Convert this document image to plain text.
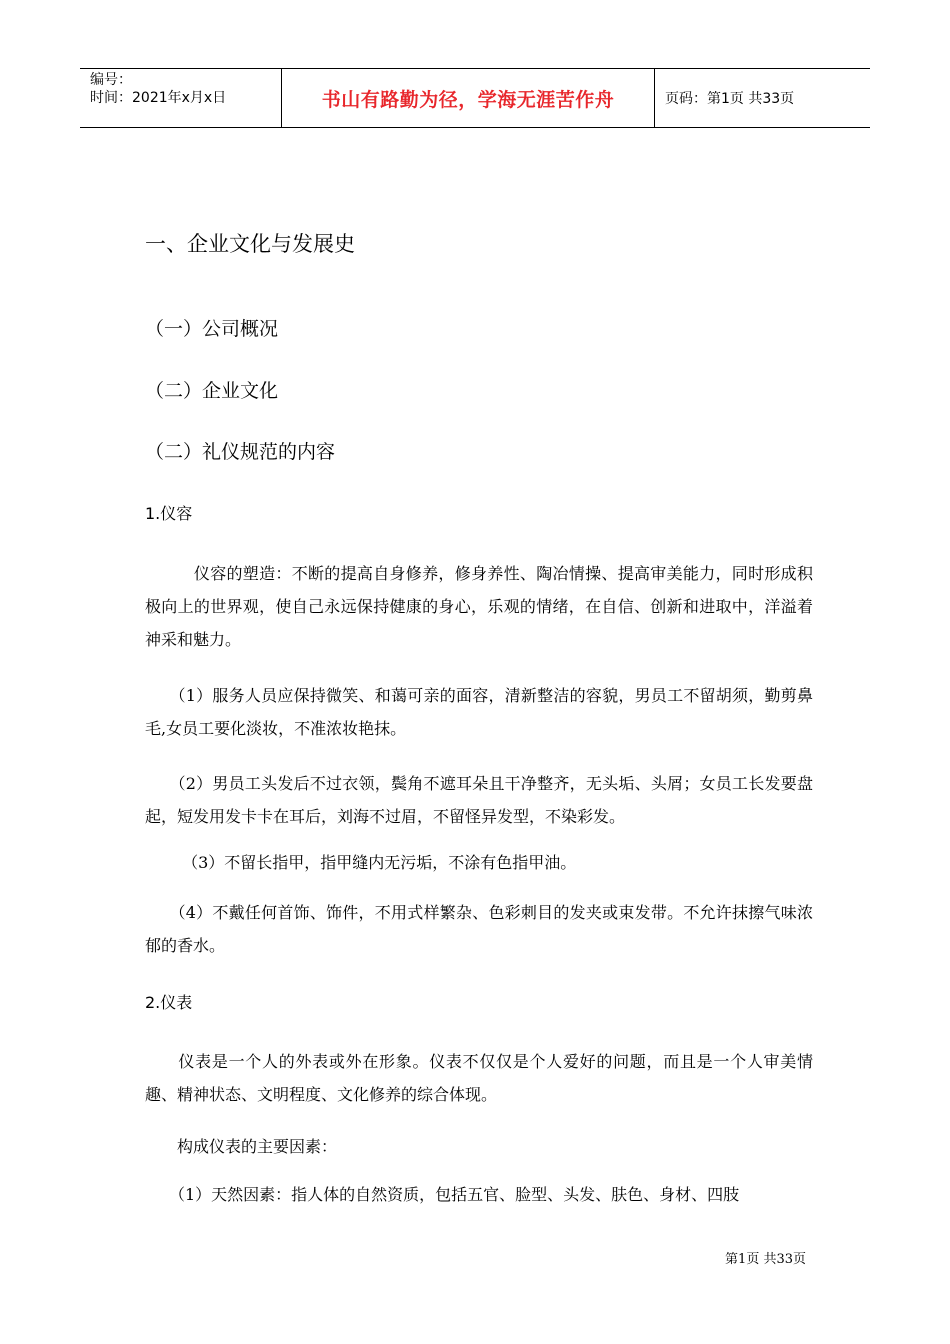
编号：
时间：2021年x月x日	书山有路勤为径，学海无涯苦作舟	页码：第1页 共33页
一、企业文化与发展史
（一）公司概况
（二）企业文化
（二）礼仪规范的内容
1.仪容

　　　仪容的塑造：不断的提高自身修养，修身养性、陶冶情操、提高审美能力，同时形成积极向上的世界观，使自己永远保持健康的身心，乐观的情绪，在自信、创新和进取中，洋溢着神采和魅力。

　　（1）服务人员应保持微笑、和蔼可亲的面容，清新整洁的容貌，男员工不留胡须，勤剪鼻毛,女员工要化淡妆，不准浓妆艳抹。

　　（2）男员工头发后不过衣领，鬓角不遮耳朵且干净整齐，无头垢、头屑；女员工长发要盘起，短发用发卡卡在耳后，刘海不过眉，不留怪异发型，不染彩发。

　　 （3）不留长指甲，指甲缝内无污垢，不涂有色指甲油。

　　（4）不戴任何首饰、饰件，不用式样繁杂、色彩刺目的发夹或束发带。不允许抹擦气味浓郁的香水。

2.仪表

　　仪表是一个人的外表或外在形象。仪表不仅仅是个人爱好的问题，而且是一个人审美情趣、精神状态、文明程度、文化修养的综合体现。

　　构成仪表的主要因素：

　　（1）天然因素：指人体的自然资质，包括五官、脸型、头发、肤色、身材、四肢

第1页 共33页
